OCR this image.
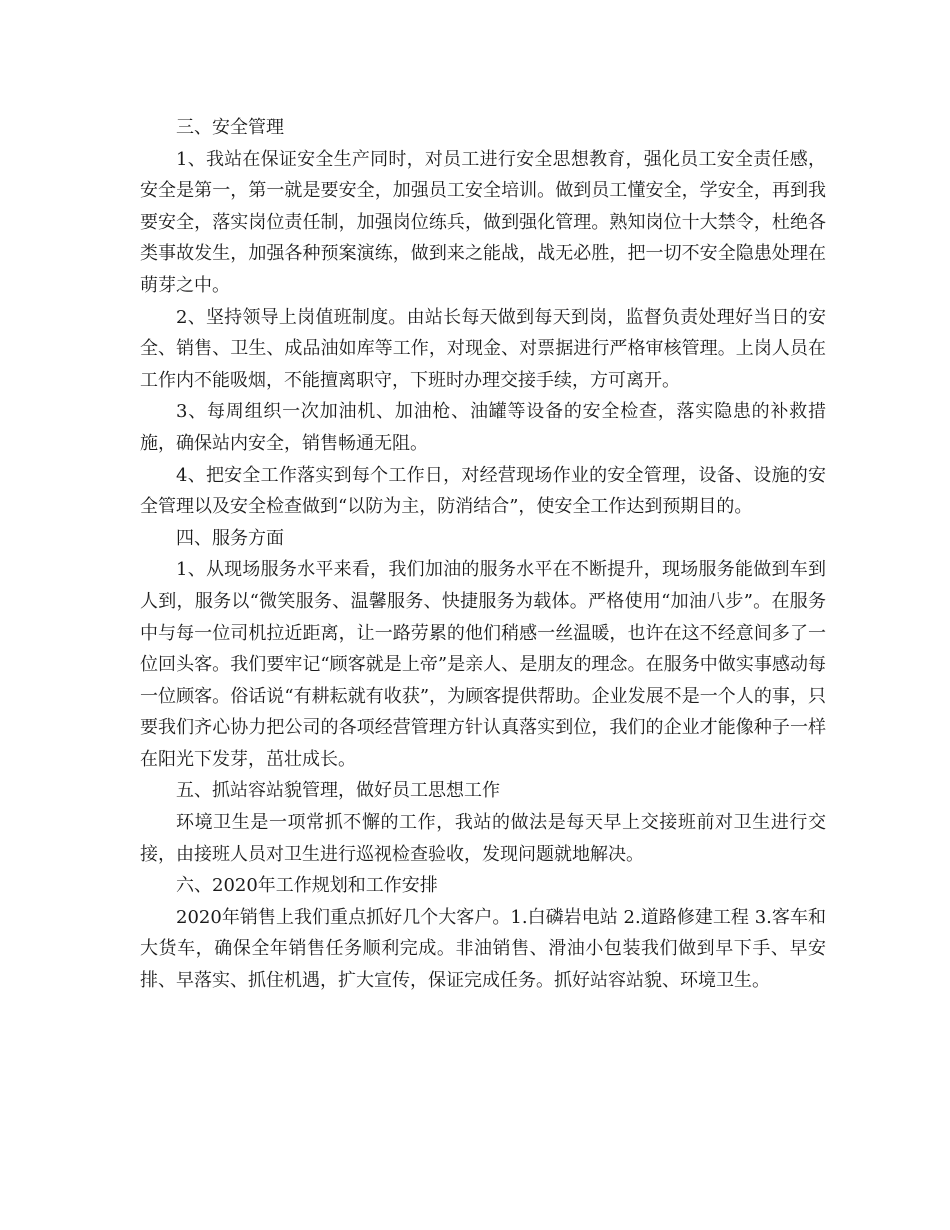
三、安全管理

1、我站在保证安全生产同时，对员工进行安全思想教育，强化员工安全责任感，安全是第一，第一就是要安全，加强员工安全培训。做到员工懂安全，学安全，再到我要安全，落实岗位责任制，加强岗位练兵，做到强化管理。熟知岗位十大禁令，杜绝各类事故发生，加强各种预案演练，做到来之能战，战无必胜，把一切不安全隐患处理在萌芽之中。

2、坚持领导上岗值班制度。由站长每天做到每天到岗，监督负责处理好当日的安全、销售、卫生、成品油如库等工作，对现金、对票据进行严格审核管理。上岗人员在工作内不能吸烟，不能擅离职守，下班时办理交接手续，方可离开。

3、每周组织一次加油机、加油枪、油罐等设备的安全检查，落实隐患的补救措施，确保站内安全，销售畅通无阻。

4、把安全工作落实到每个工作日，对经营现场作业的安全管理，设备、设施的安全管理以及安全检查做到“以防为主，防消结合”，使安全工作达到预期目的。

四、服务方面

1、从现场服务水平来看，我们加油的服务水平在不断提升，现场服务能做到车到人到，服务以“微笑服务、温馨服务、快捷服务为载体。严格使用“加油八步”。在服务中与每一位司机拉近距离，让一路劳累的他们稍感一丝温暖，也许在这不经意间多了一位回头客。我们要牢记“顾客就是上帝”是亲人、是朋友的理念。在服务中做实事感动每一位顾客。俗话说“有耕耘就有收获”，为顾客提供帮助。企业发展不是一个人的事，只要我们齐心协力把公司的各项经营管理方针认真落实到位，我们的企业才能像种子一样在阳光下发芽，茁壮成长。

五、抓站容站貌管理，做好员工思想工作

环境卫生是一项常抓不懈的工作，我站的做法是每天早上交接班前对卫生进行交接，由接班人员对卫生进行巡视检查验收，发现问题就地解决。

六、2020年工作规划和工作安排

2020年销售上我们重点抓好几个大客户。1.白磷岩电站 2.道路修建工程 3.客车和大货车，确保全年销售任务顺利完成。非油销售、滑油小包装我们做到早下手、早安排、早落实、抓住机遇，扩大宣传，保证完成任务。抓好站容站貌、环境卫生。
